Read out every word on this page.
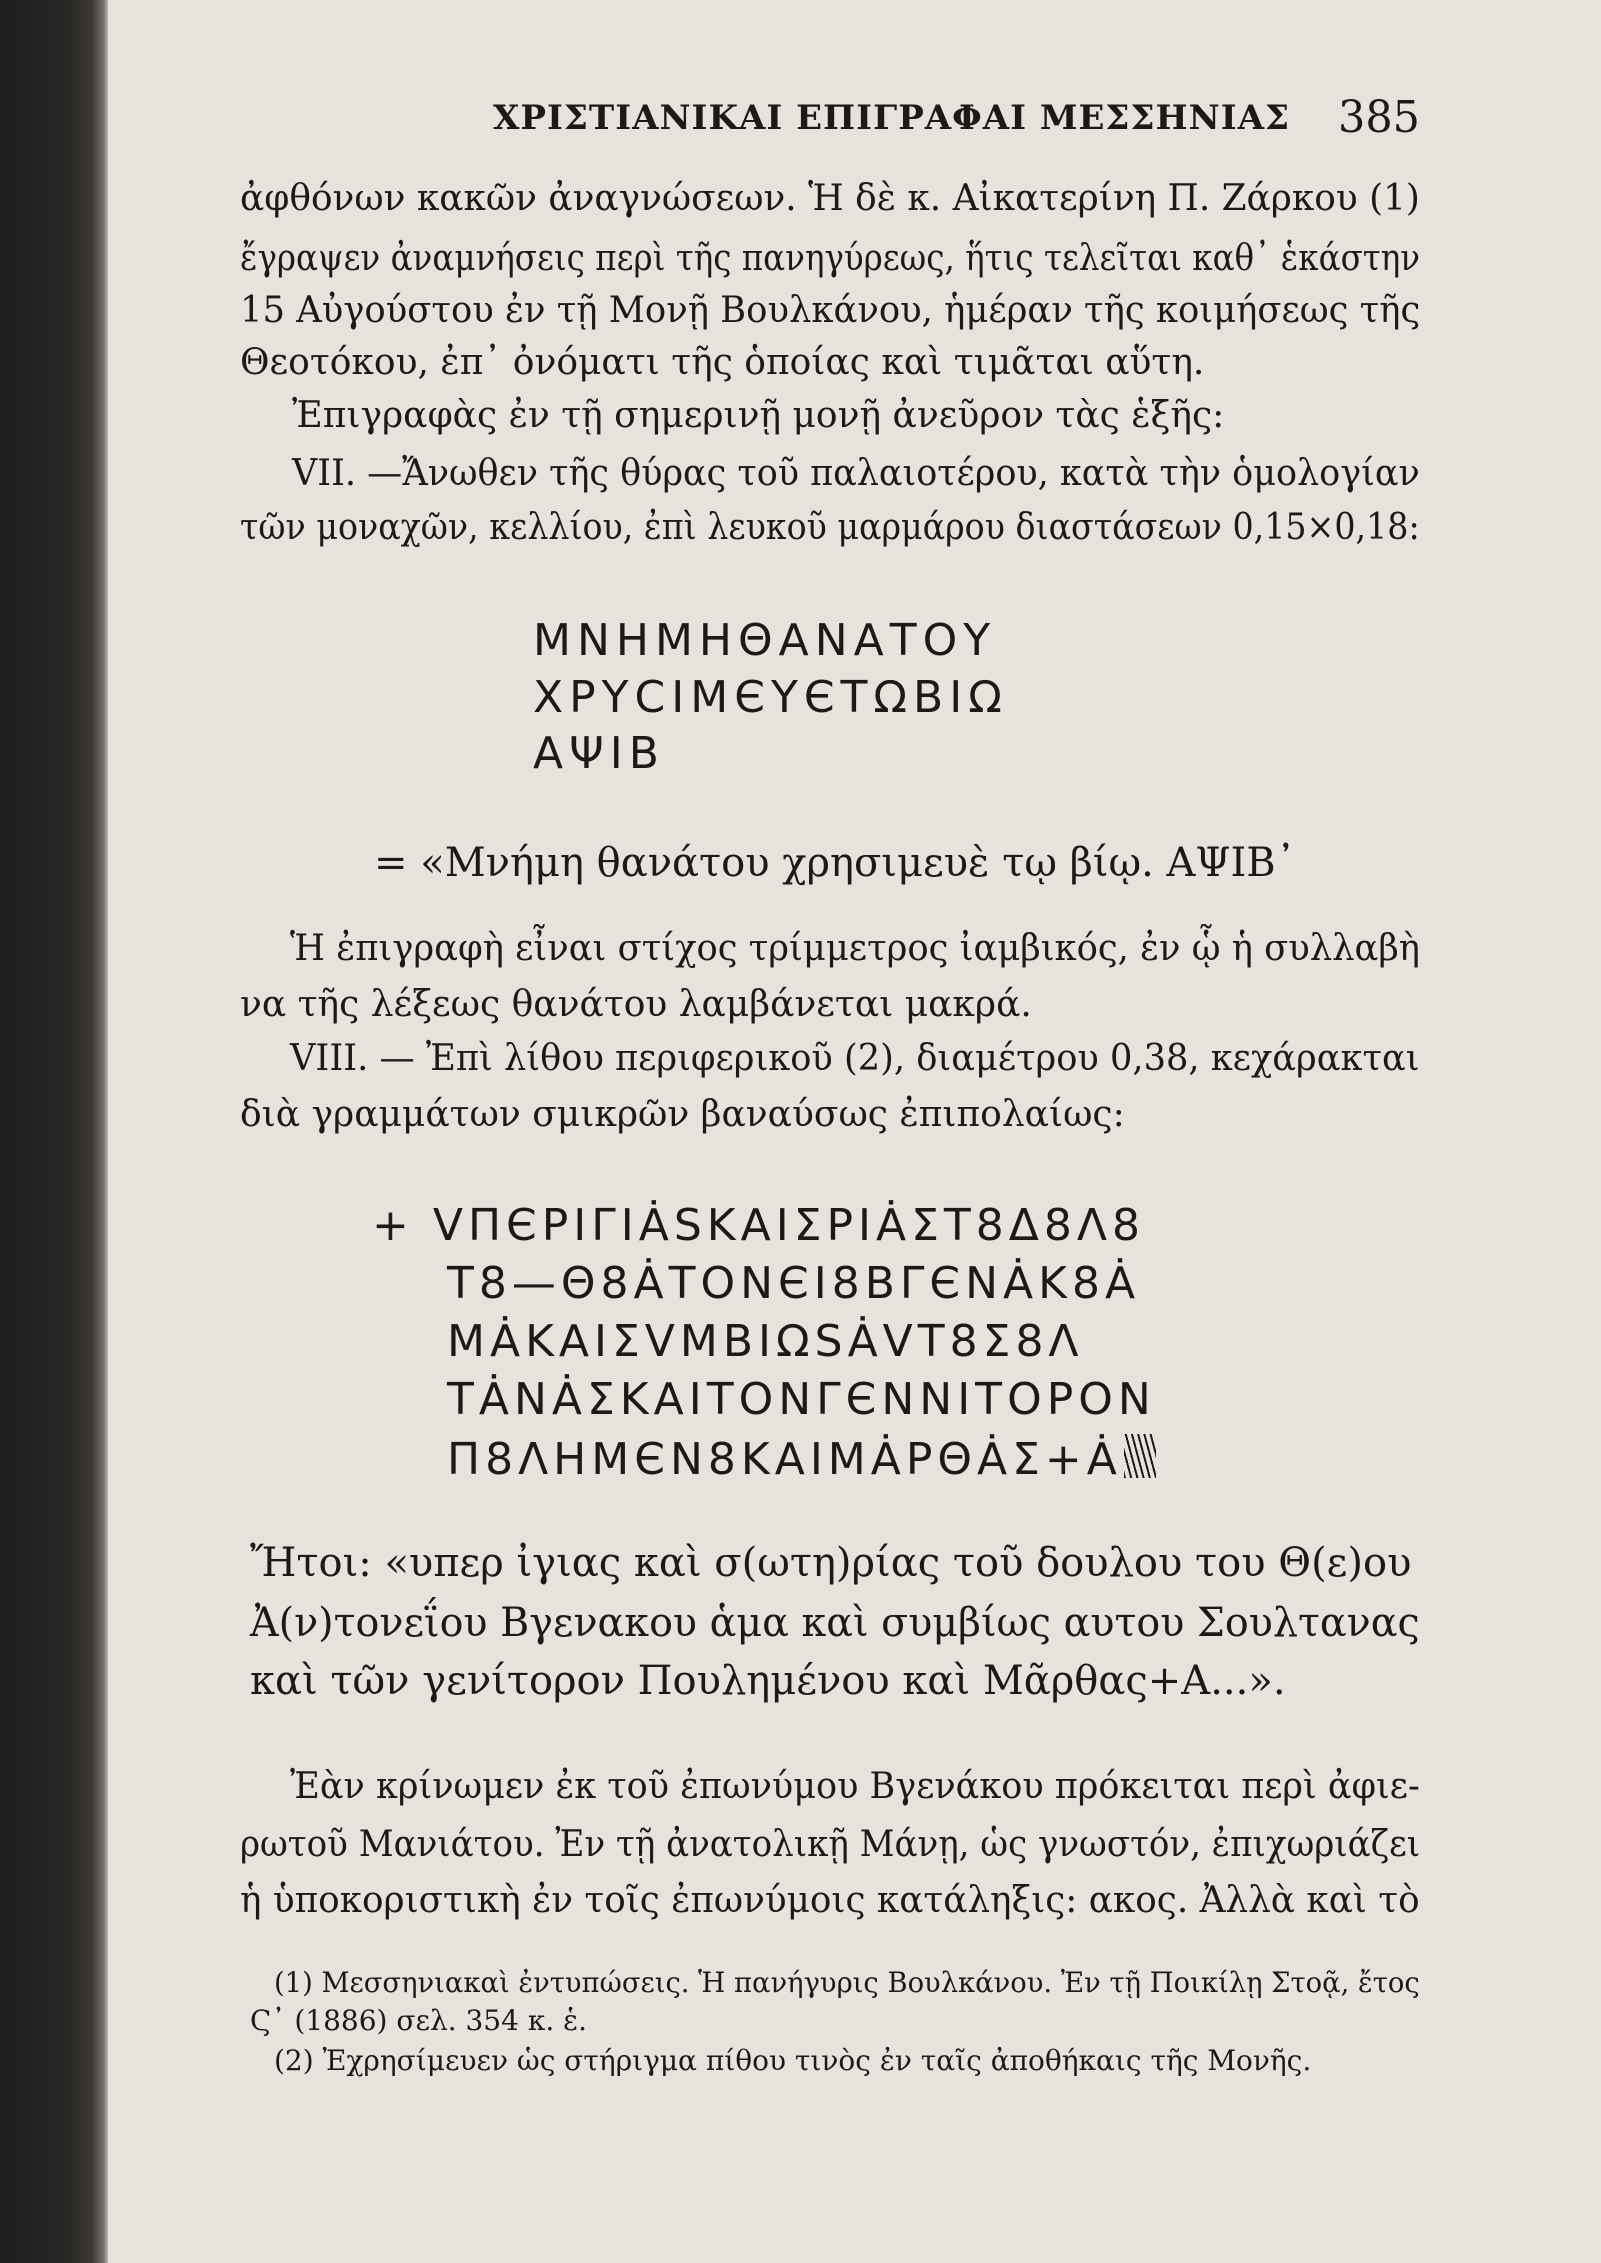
ΧΡΙΣΤΙΑΝΙΚΑΙ ΕΠΙΓΡΑΦΑΙ ΜΕΣΣΗΝΙΑΣ 385
ἀφθόνων κακῶν ἀναγνώσεων. Ἡ δὲ κ. Αἰκατερίνη Π. Ζάρκου (1)
ἔγραψεν ἀναμνήσεις περὶ τῆς πανηγύρεως, ἥτις τελεῖται καθ᾽ ἑκάστην
15 Αὐγούστου ἐν τῇ Μονῇ Βουλκάνου, ἡμέραν τῆς κοιμήσεως τῆς
Θεοτόκου, ἐπ᾽ ὀνόματι τῆς ὁποίας καὶ τιμᾶται αὕτη.
Ἐπιγραφὰς ἐν τῇ σημερινῇ μονῇ ἀνεῦρον τὰς ἑξῆς:
VII. —Ἄνωθεν τῆς θύρας τοῦ παλαιοτέρου, κατὰ τὴν ὁμολογίαν
τῶν μοναχῶν, κελλίου, ἐπὶ λευκοῦ μαρμάρου διαστάσεων 0,15×0,18:
ΜΝΗΜΗΘΑΝΑΤΟΥ
ΧΡΥCΙΜЄΥЄΤΩΒΙΩ
ΑΨΙΒ
= «Μνήμη θανάτου χρησιμευὲ τῳ βίῳ. ΑΨΙΒ᾽
Ἡ ἐπιγραφὴ εἶναι στίχος τρίμμετρος ἰαμβικός, ἐν ᾧ ἡ συλλαβὴ
να τῆς λέξεως θανάτου λαμβάνεται μακρά.
VIII. — Ἐπὶ λίθου περιφερικοῦ (2), διαμέτρου 0,38, κεχάρακται
διὰ γραμμάτων σμικρῶν βαναύσως ἐπιπολαίως:
+ VΠЄΡΙΓΙȦSΚΑΙΣΡΙȦΣΤ8Δ8Λ8
Τ8—Θ8ȦΤΟΝЄΙ8ΒΓЄΝȦΚ8Ȧ
ΜȦΚΑΙΣVΜΒΙΩSȦVΤ8Σ8Λ
ΤȦΝȦΣΚΑΙΤΟΝΓЄΝΝΙΤΟΡΟΝ
Π8ΛΗΜЄΝ8ΚΑΙΜȦΡΘȦΣ+Ȧ
Ἤτοι: «υπερ ἰγιας καὶ σ(ωτη)ρίας τοῦ δουλου του Θ(ε)ου
Ἀ(ν)τονεΐου Βγενακου ἁμα καὶ συμβίως αυτου Σουλτανας
καὶ τῶν γενίτορον Πουλημένου καὶ Μᾶρθας+Α...».
Ἐὰν κρίνωμεν ἐκ τοῦ ἐπωνύμου Βγενάκου πρόκειται περὶ ἀφιε-
ρωτοῦ Μανιάτου. Ἐν τῇ ἀνατολικῇ Μάνῃ, ὡς γνωστόν, ἐπιχωριάζει
ἡ ὑποκοριστικὴ ἐν τοῖς ἐπωνύμοις κατάληξις: ακος. Ἀλλὰ καὶ τὸ
(1) Μεσσηνιακαὶ ἐντυπώσεις. Ἡ πανήγυρις Βουλκάνου. Ἐν τῇ Ποικίλῃ Στοᾷ, ἔτος
Ϛ᾽ (1886) σελ. 354 κ. ἑ.
(2) Ἐχρησίμευεν ὡς στήριγμα πίθου τινὸς ἐν ταῖς ἀποθήκαις τῆς Μονῆς.
